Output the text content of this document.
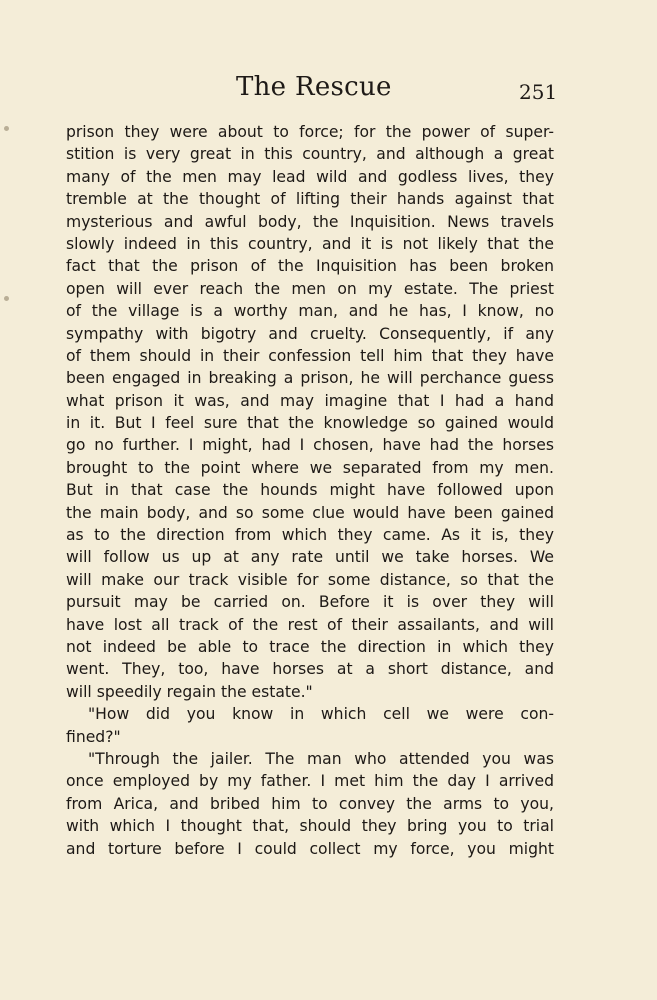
The Rescue	251
prison they were about to force; for the power of super-
stition is very great in this country, and although a great
many of the men may lead wild and godless lives, they
tremble at the thought of lifting their hands against that
mysterious and awful body, the Inquisition. News travels
slowly indeed in this country, and it is not likely that the
fact that the prison of the Inquisition has been broken
open will ever reach the men on my estate. The priest
of the village is a worthy man, and he has, I know, no
sympathy with bigotry and cruelty. Consequently, if any
of them should in their confession tell him that they have
been engaged in breaking a prison, he will perchance guess
what prison it was, and may imagine that I had a hand
in it. But I feel sure that the knowledge so gained would
go no further. I might, had I chosen, have had the horses
brought to the point where we separated from my men.
But in that case the hounds might have followed upon
the main body, and so some clue would have been gained
as to the direction from which they came. As it is, they
will follow us up at any rate until we take horses. We
will make our track visible for some distance, so that the
pursuit may be carried on. Before it is over they will
have lost all track of the rest of their assailants, and will
not indeed be able to trace the direction in which they
went. They, too, have horses at a short distance, and
will speedily regain the estate."
"How did you know in which cell we were con-
fined?"
"Through the jailer. The man who attended you was
once employed by my father. I met him the day I arrived
from Arica, and bribed him to convey the arms to you,
with which I thought that, should they bring you to trial
and torture before I could collect my force, you might
